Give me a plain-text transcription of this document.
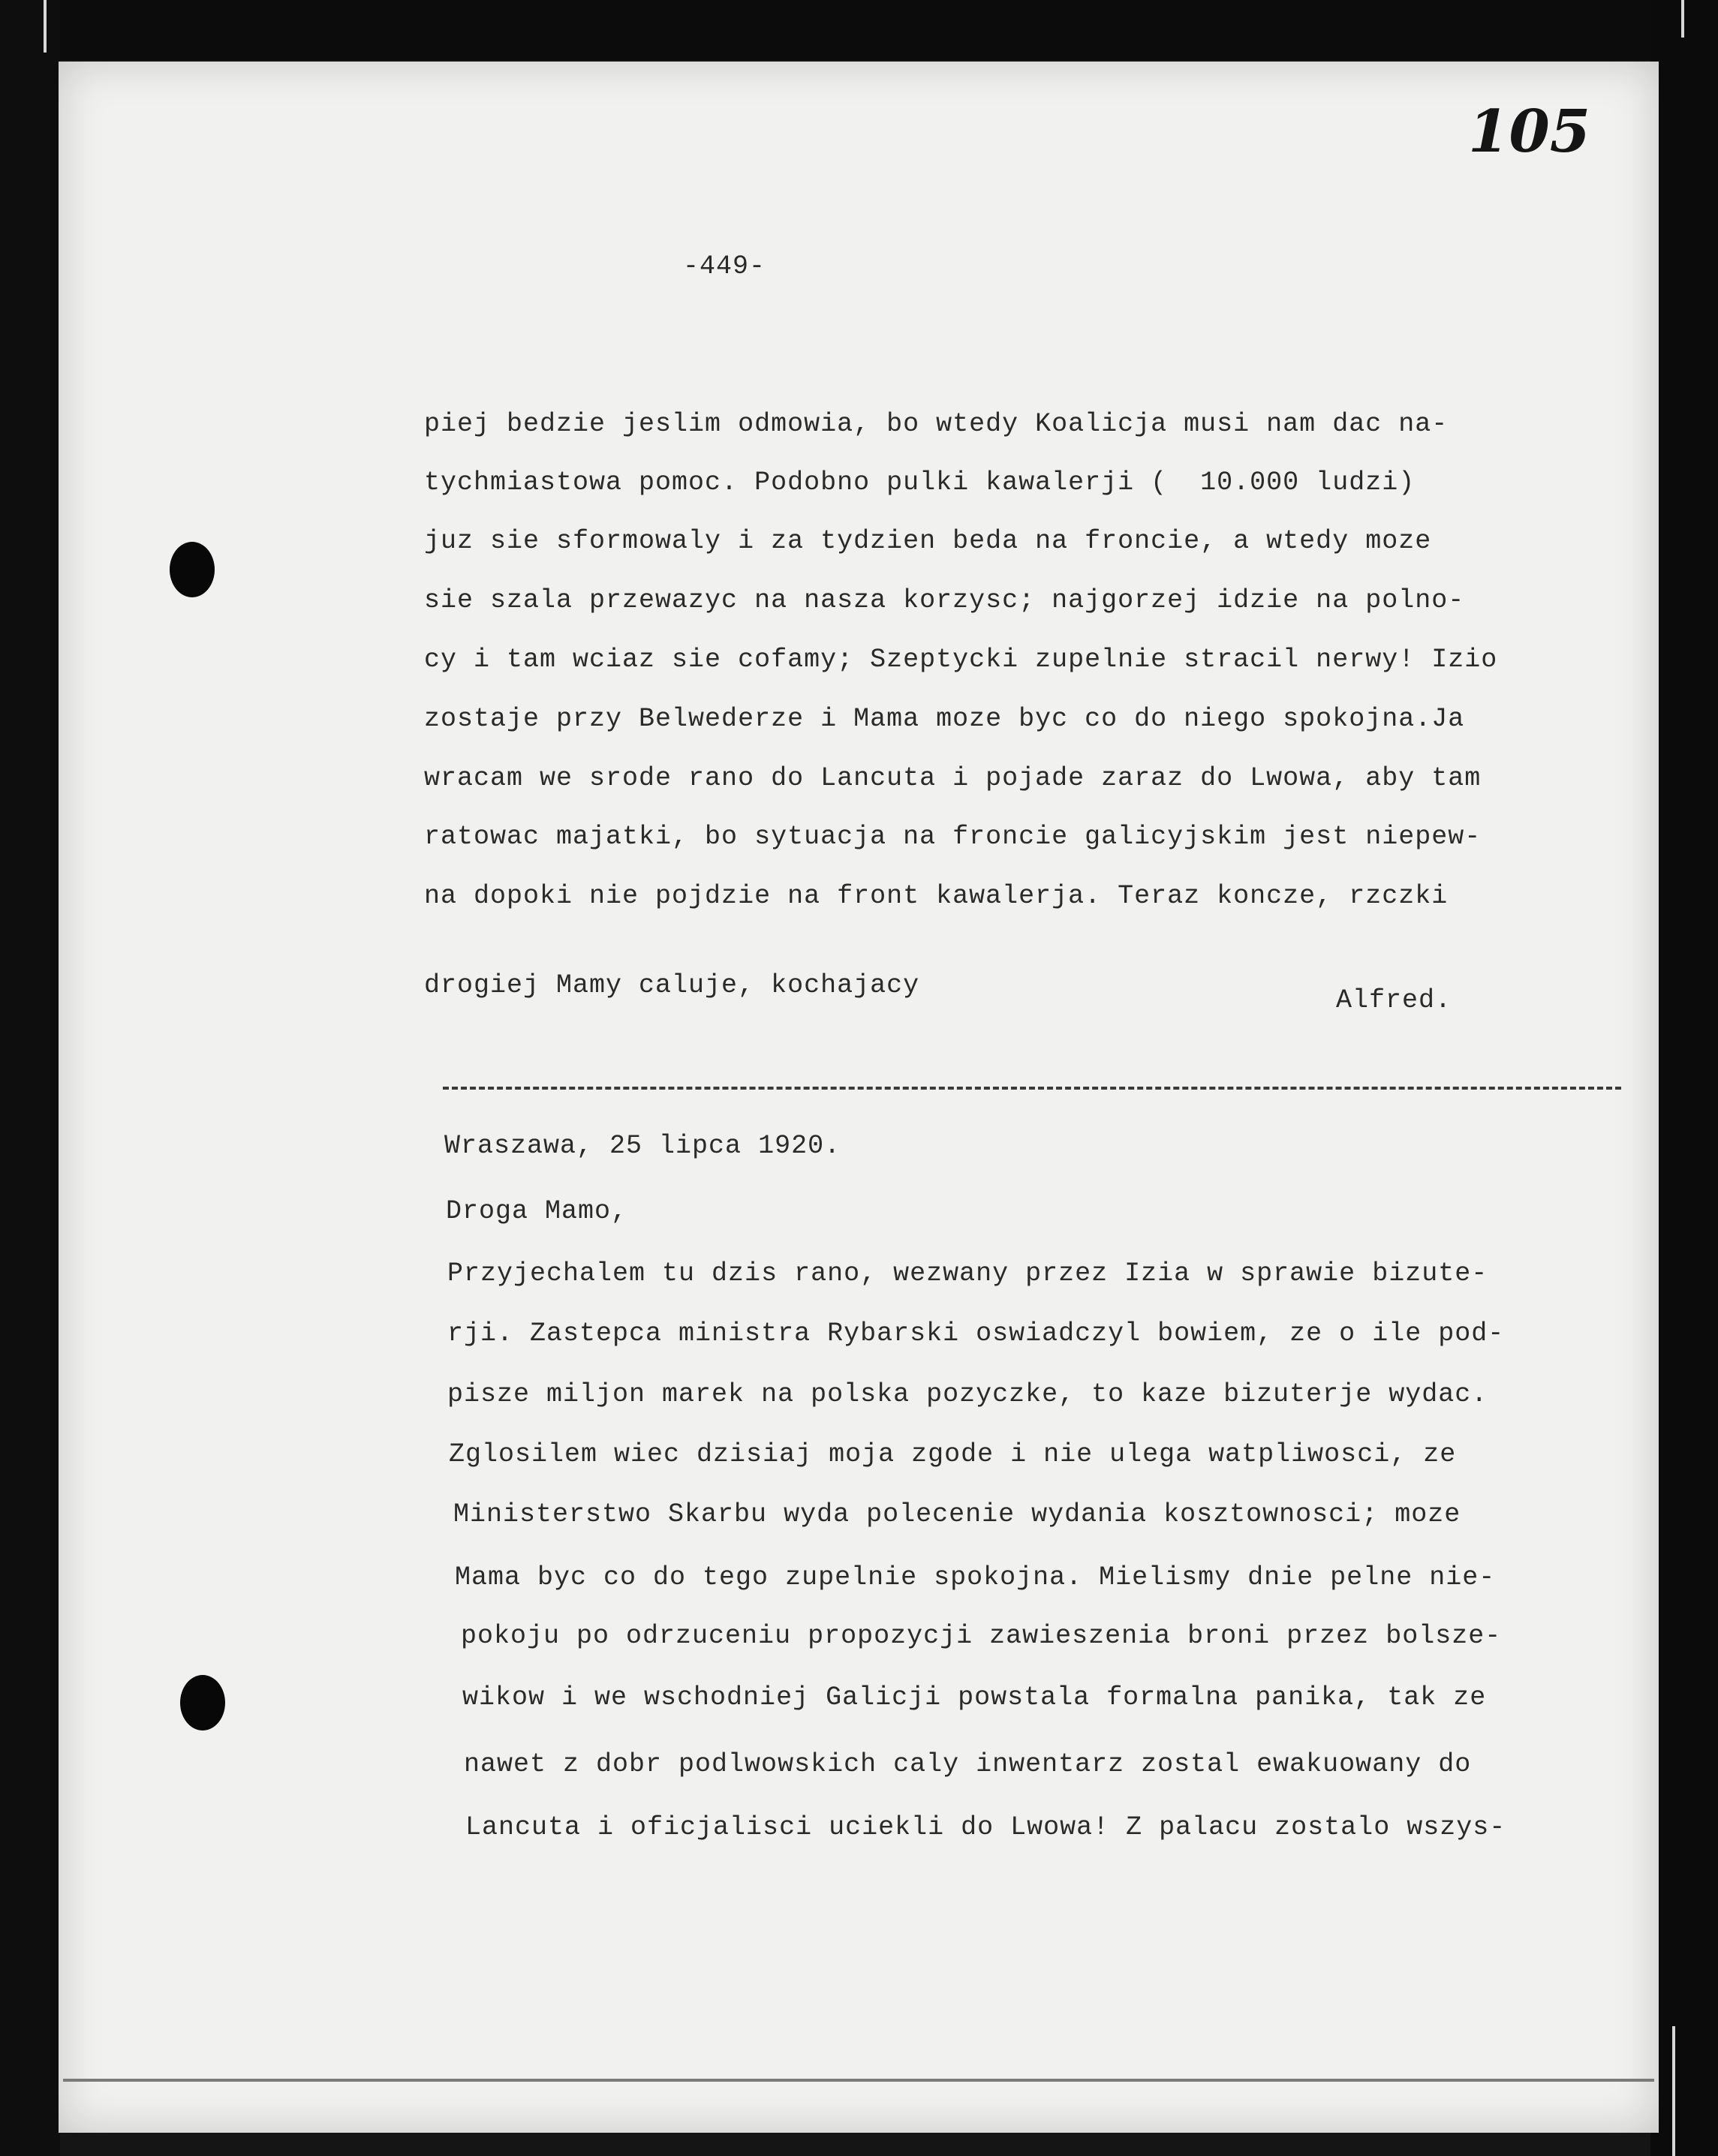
105
-449-
piej bedzie jeslim odmowia, bo wtedy Koalicja musi nam dac na-
tychmiastowa pomoc. Podobno pulki kawalerji (  10.000 ludzi)
juz sie sformowaly i za tydzien beda na froncie, a wtedy moze
sie szala przewazyc na nasza korzysc; najgorzej idzie na polno-
cy i tam wciaz sie cofamy; Szeptycki zupelnie stracil nerwy! Izio
zostaje przy Belwederze i Mama moze byc co do niego spokojna.Ja
wracam we srode rano do Lancuta i pojade zaraz do Lwowa, aby tam
ratowac majatki, bo sytuacja na froncie galicyjskim jest niepew-
na dopoki nie pojdzie na front kawalerja. Teraz koncze, rzczki
drogiej Mamy caluje, kochajacy	Alfred.
Wraszawa, 25 lipca 1920.
Droga Mamo,
Przyjechalem tu dzis rano, wezwany przez Izia w sprawie bizute-
rji. Zastepca ministra Rybarski oswiadczyl bowiem, ze o ile pod-
pisze miljon marek na polska pozyczke, to kaze bizuterje wydac.
Zglosilem wiec dzisiaj moja zgode i nie ulega watpliwosci, ze
Ministerstwo Skarbu wyda polecenie wydania kosztownosci; moze
Mama byc co do tego zupelnie spokojna. Mielismy dnie pelne nie-
pokoju po odrzuceniu propozycji zawieszenia broni przez bolsze-
wikow i we wschodniej Galicji powstala formalna panika, tak ze
nawet z dobr podlwowskich caly inwentarz zostal ewakuowany do
Lancuta i oficjalisci uciekli do Lwowa! Z palacu zostalo wszys-
